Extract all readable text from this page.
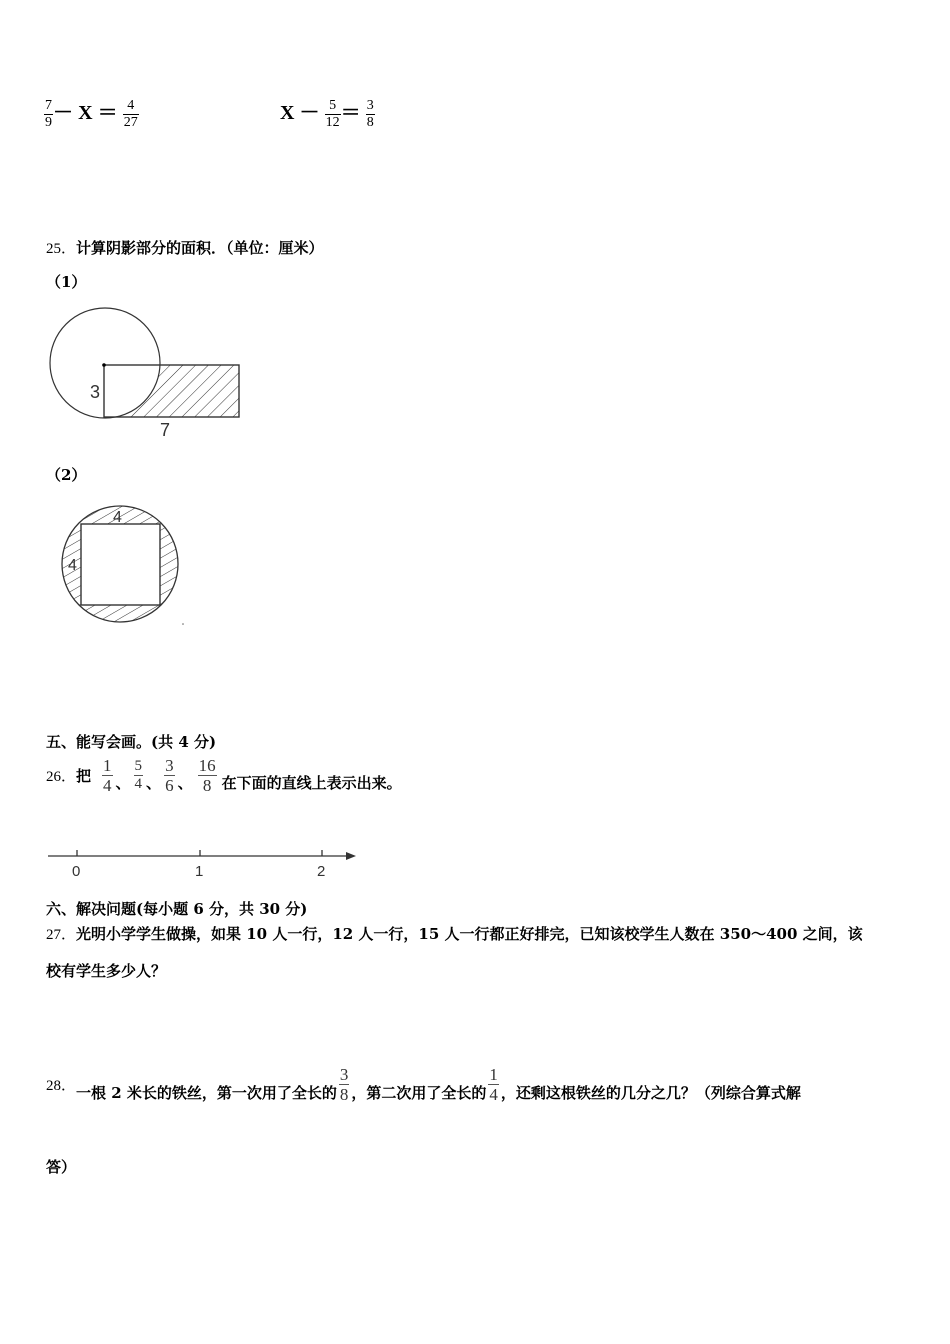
$\frac{7}{9} - X = \frac{4}{27}$	$X - \frac{5}{12} = \frac{3}{8}$
25．计算阴影部分的面积．（单位：厘米）
（1）
3
7
（2）
4
4
五、能写会画。(共 4 分)
26． 把 $\frac{1}{4}$ 、 $\frac{5}{4}$ 、 $\frac{3}{6}$ 、 $\frac{16}{8}$ 在下面的直线上表示出来。
0	1	2
六、解决问题(每小题 6 分，共 30 分)
27．光明小学学生做操，如果 10 人一行，12 人一行，15 人一行都正好排完，已知该校学生人数在 350～400 之间，该
校有学生多少人？
28． 一根 2 米长的铁丝，第一次用了全长的 $\frac{3}{8}$ ，第二次用了全长的 $\frac{1}{4}$ ，还剩这根铁丝的几分之几？（列综合算式解
答）
